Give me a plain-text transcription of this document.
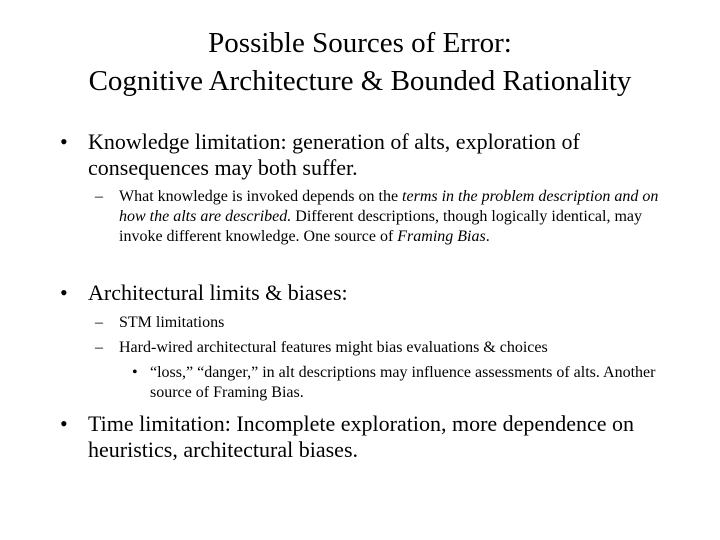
Possible Sources of Error:
Cognitive Architecture & Bounded Rationality
• Knowledge limitation: generation of alts, exploration of consequences may both suffer.
– What knowledge is invoked depends on the terms in the problem description and on how the alts are described. Different descriptions, though logically identical, may invoke different knowledge. One source of Framing Bias.
• Architectural limits & biases:
– STM limitations
– Hard-wired architectural features might bias evaluations & choices
• “loss,” “danger,” in alt descriptions may influence assessments of alts. Another source of Framing Bias.
• Time limitation: Incomplete exploration, more dependence on heuristics, architectural biases.
